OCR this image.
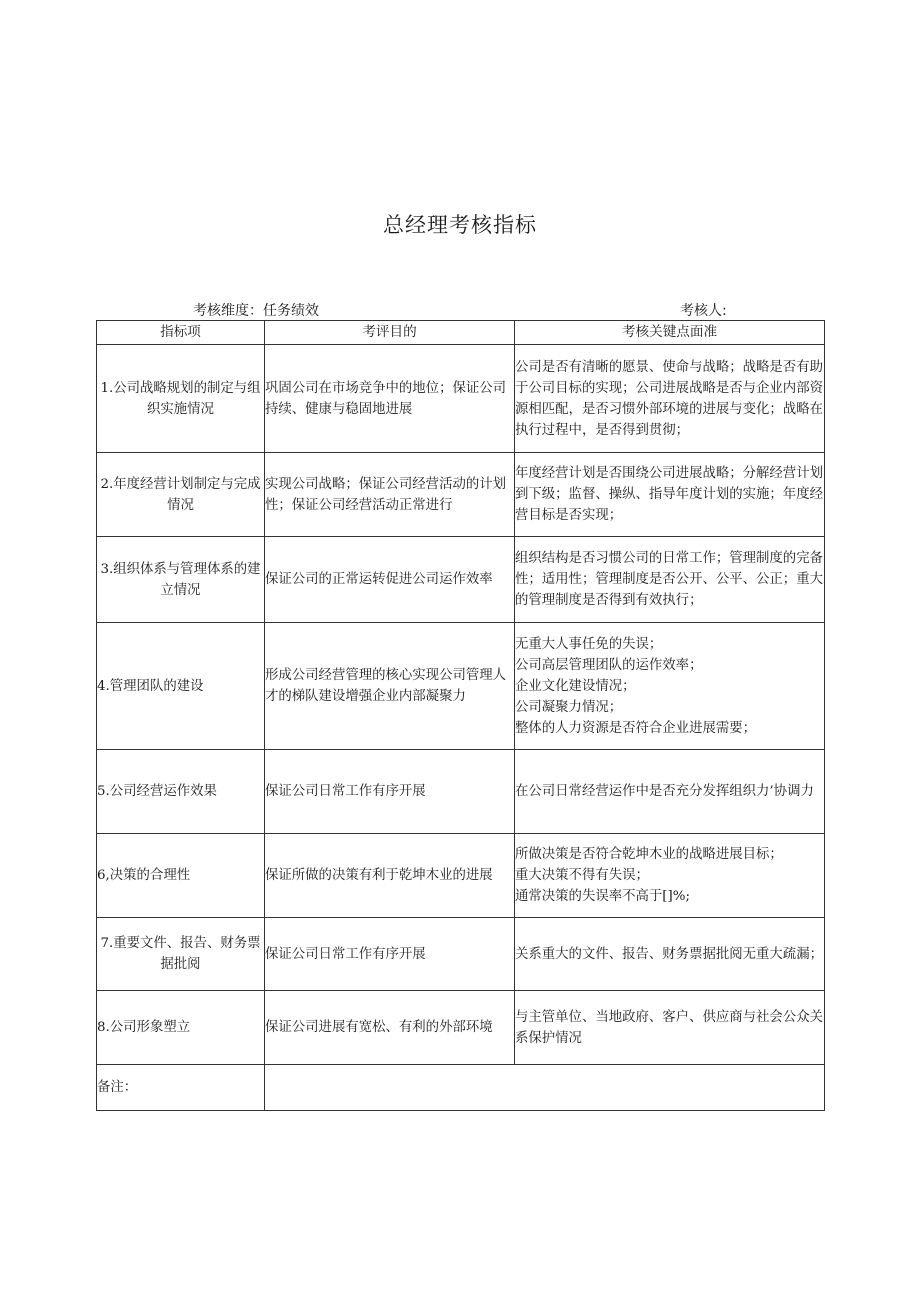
总经理考核指标
考核维度：任务绩效	考核人:
指标项	考评目的	考核关键点面准
1.公司战略规划的制定与组织实施情况	巩固公司在市场竞争中的地位；保证公司持续、健康与稳固地进展	公司是否有清晰的愿景、使命与战略；战略是否有助于公司目标的实现；公司进展战略是否与企业内部资源相匹配，是否习惯外部环境的进展与变化；战略在执行过程中，是否得到贯彻；
2.年度经营计划制定与完成情况	实现公司战略；保证公司经营活动的计划性；保证公司经营活动正常进行	年度经营计划是否围绕公司进展战略；分解经营计划到下级；监督、操纵、指导年度计划的实施；年度经营目标是否实现；
3.组织体系与管理体系的建立情况	保证公司的正常运转促进公司运作效率	组织结构是否习惯公司的日常工作；管理制度的完备性；适用性；管理制度是否公开、公平、公正；重大的管理制度是否得到有效执行；
4.管理团队的建设	形成公司经营管理的核心实现公司管理人才的梯队建设增强企业内部凝聚力	无重大人事任免的失误；
公司高层管理团队的运作效率；
企业文化建设情况；
公司凝聚力情况；
整体的人力资源是否符合企业进展需要；

5.公司经营运作效果	保证公司日常工作有序开展	在公司日常经营运作中是否充分发挥组织力’协调力
6,决策的合理性	保证所做的决策有利于乾坤木业的进展	所做决策是否符合乾坤木业的战略进展目标；
重大决策不得有失误；
通常决策的失误率不高于[]%;

7.重要文件、报告、财务票据批阅	保证公司日常工作有序开展	关系重大的文件、报告、财务票据批阅无重大疏漏；
8.公司形象塑立	保证公司进展有宽松、有利的外部环境	与主管单位、当地政府、客户、供应商与社会公众关系保护情况
备注：		
